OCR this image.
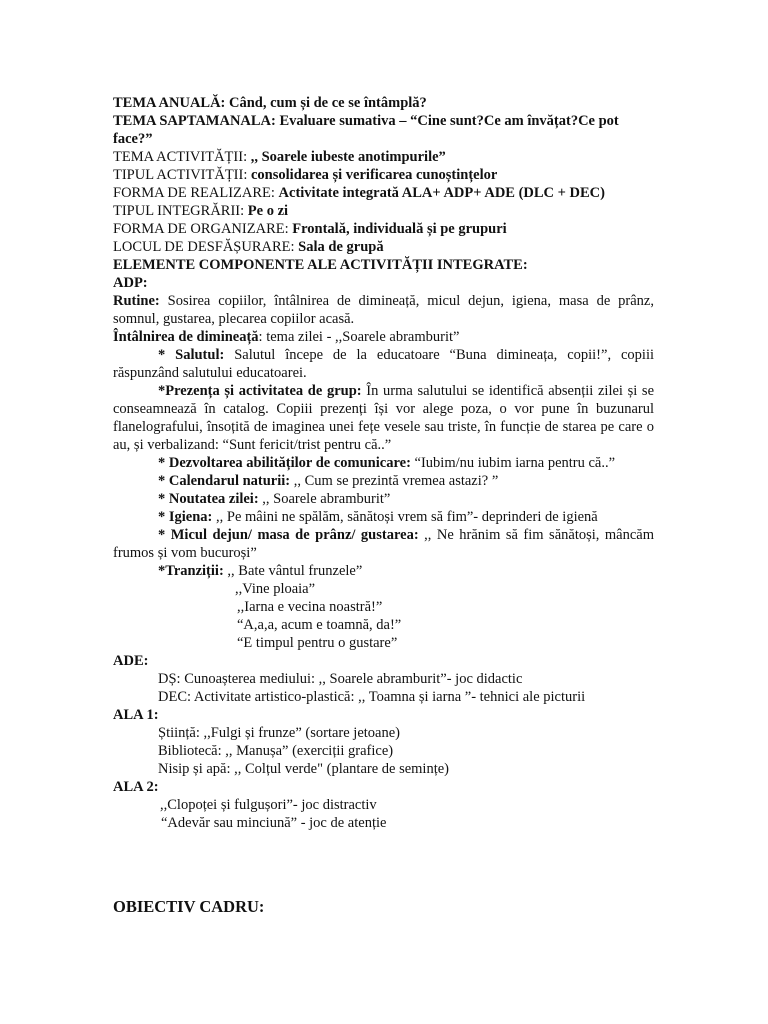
TEMA ANUALĂ: Când, cum și de ce se întâmplă?
TEMA SAPTAMANALA: Evaluare sumativa – “Cine sunt?Ce am învățat?Ce pot
face?”
TEMA ACTIVITĂȚII: ,, Soarele iubeste anotimpurile”
TIPUL ACTIVITĂȚII: consolidarea și verificarea cunoștințelor
FORMA DE REALIZARE: Activitate integrată ALA+ ADP+ ADE (DLC + DEC)
TIPUL INTEGRĂRII: Pe o zi
FORMA DE ORGANIZARE: Frontală, individuală și pe grupuri
LOCUL DE DESFĂȘURARE: Sala de grupă
ELEMENTE COMPONENTE ALE ACTIVITĂȚII INTEGRATE:
ADP:
Rutine: Sosirea copiilor, întâlnirea de dimineață, micul dejun, igiena, masa de prânz, somnul, gustarea, plecarea copiilor acasă.
Întâlnirea de dimineață: tema zilei - ,,Soarele abramburit”
* Salutul: Salutul începe de la educatoare “Buna dimineața, copii!”, copiii răspunzând salutului educatoarei.
*Prezența și activitatea de grup: În urma salutului se identifică absenții zilei și se conseamnează în catalog. Copiii prezenți își vor alege poza, o vor pune în buzunarul flanelografului, însoțită de imaginea unei fețe vesele sau triste, în funcție de starea pe care o au, și verbalizand: “Sunt fericit/trist pentru că..”
* Dezvoltarea abilităților de comunicare: “Iubim/nu iubim iarna pentru că..”
* Calendarul naturii: ,, Cum se prezintă vremea astazi? ”
* Noutatea zilei: ,, Soarele abramburit”
* Igiena: ,, Pe mâini ne spălăm, sănătoși vrem să fim”- deprinderi de igienă
* Micul dejun/ masa de prânz/ gustarea: ,, Ne hrănim să fim sănătoși, mâncăm frumos și vom bucuroși”
*Tranziții: ,, Bate vântul frunzele”
,,Vine ploaia”
,,Iarna e vecina noastră!”
“A,a,a, acum e toamnă, da!”
“E timpul pentru o gustare”
ADE:
DȘ: Cunoașterea mediului: ,, Soarele abramburit”- joc didactic
DEC: Activitate artistico-plastică: ,, Toamna și iarna ”- tehnici ale picturii
ALA 1:
Știință: ,,Fulgi și frunze” (sortare jetoane)
Bibliotecă: ,, Manușa” (exerciții grafice)
Nisip și apă: ,, Colțul verde" (plantare de semințe)
ALA 2:
,,Clopoței și fulgușori”- joc distractiv
“Adevăr sau minciună” - joc de atenție
OBIECTIV CADRU:
